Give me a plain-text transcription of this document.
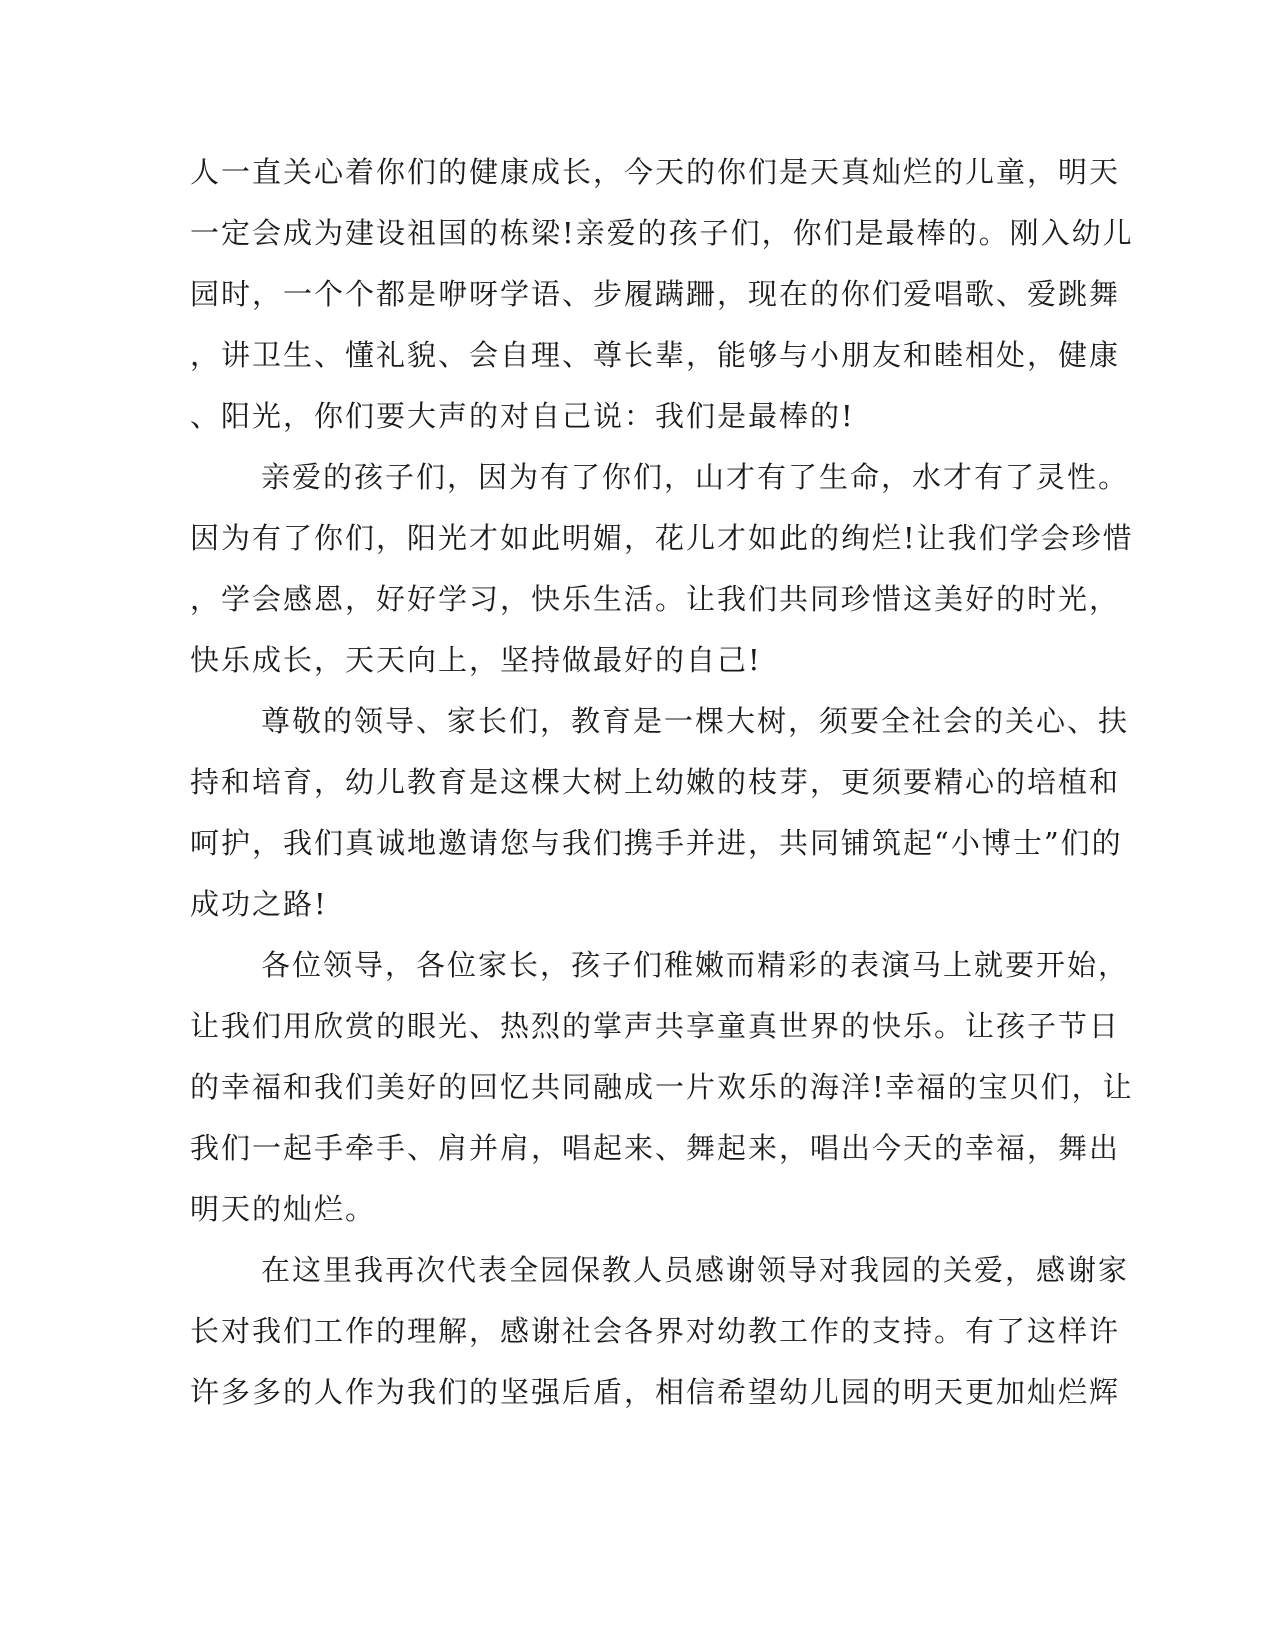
人一直关心着你们的健康成长，今天的你们是天真灿烂的儿童，明天
一定会成为建设祖国的栋梁!亲爱的孩子们，你们是最棒的。刚入幼儿
园时，一个个都是咿呀学语、步履蹒跚，现在的你们爱唱歌、爱跳舞
，讲卫生、懂礼貌、会自理、尊长辈，能够与小朋友和睦相处，健康
、阳光，你们要大声的对自己说：我们是最棒的!
亲爱的孩子们，因为有了你们，山才有了生命，水才有了灵性。
因为有了你们，阳光才如此明媚，花儿才如此的绚烂!让我们学会珍惜
，学会感恩，好好学习，快乐生活。让我们共同珍惜这美好的时光，
快乐成长，天天向上，坚持做最好的自己!
尊敬的领导、家长们，教育是一棵大树，须要全社会的关心、扶
持和培育，幼儿教育是这棵大树上幼嫩的枝芽，更须要精心的培植和
呵护，我们真诚地邀请您与我们携手并进，共同铺筑起“小博士”们的
成功之路!
各位领导，各位家长，孩子们稚嫩而精彩的表演马上就要开始，
让我们用欣赏的眼光、热烈的掌声共享童真世界的快乐。让孩子节日
的幸福和我们美好的回忆共同融成一片欢乐的海洋!幸福的宝贝们，让
我们一起手牵手、肩并肩，唱起来、舞起来，唱出今天的幸福，舞出
明天的灿烂。
在这里我再次代表全园保教人员感谢领导对我园的关爱，感谢家
长对我们工作的理解，感谢社会各界对幼教工作的支持。有了这样许
许多多的人作为我们的坚强后盾，相信希望幼儿园的明天更加灿烂辉
